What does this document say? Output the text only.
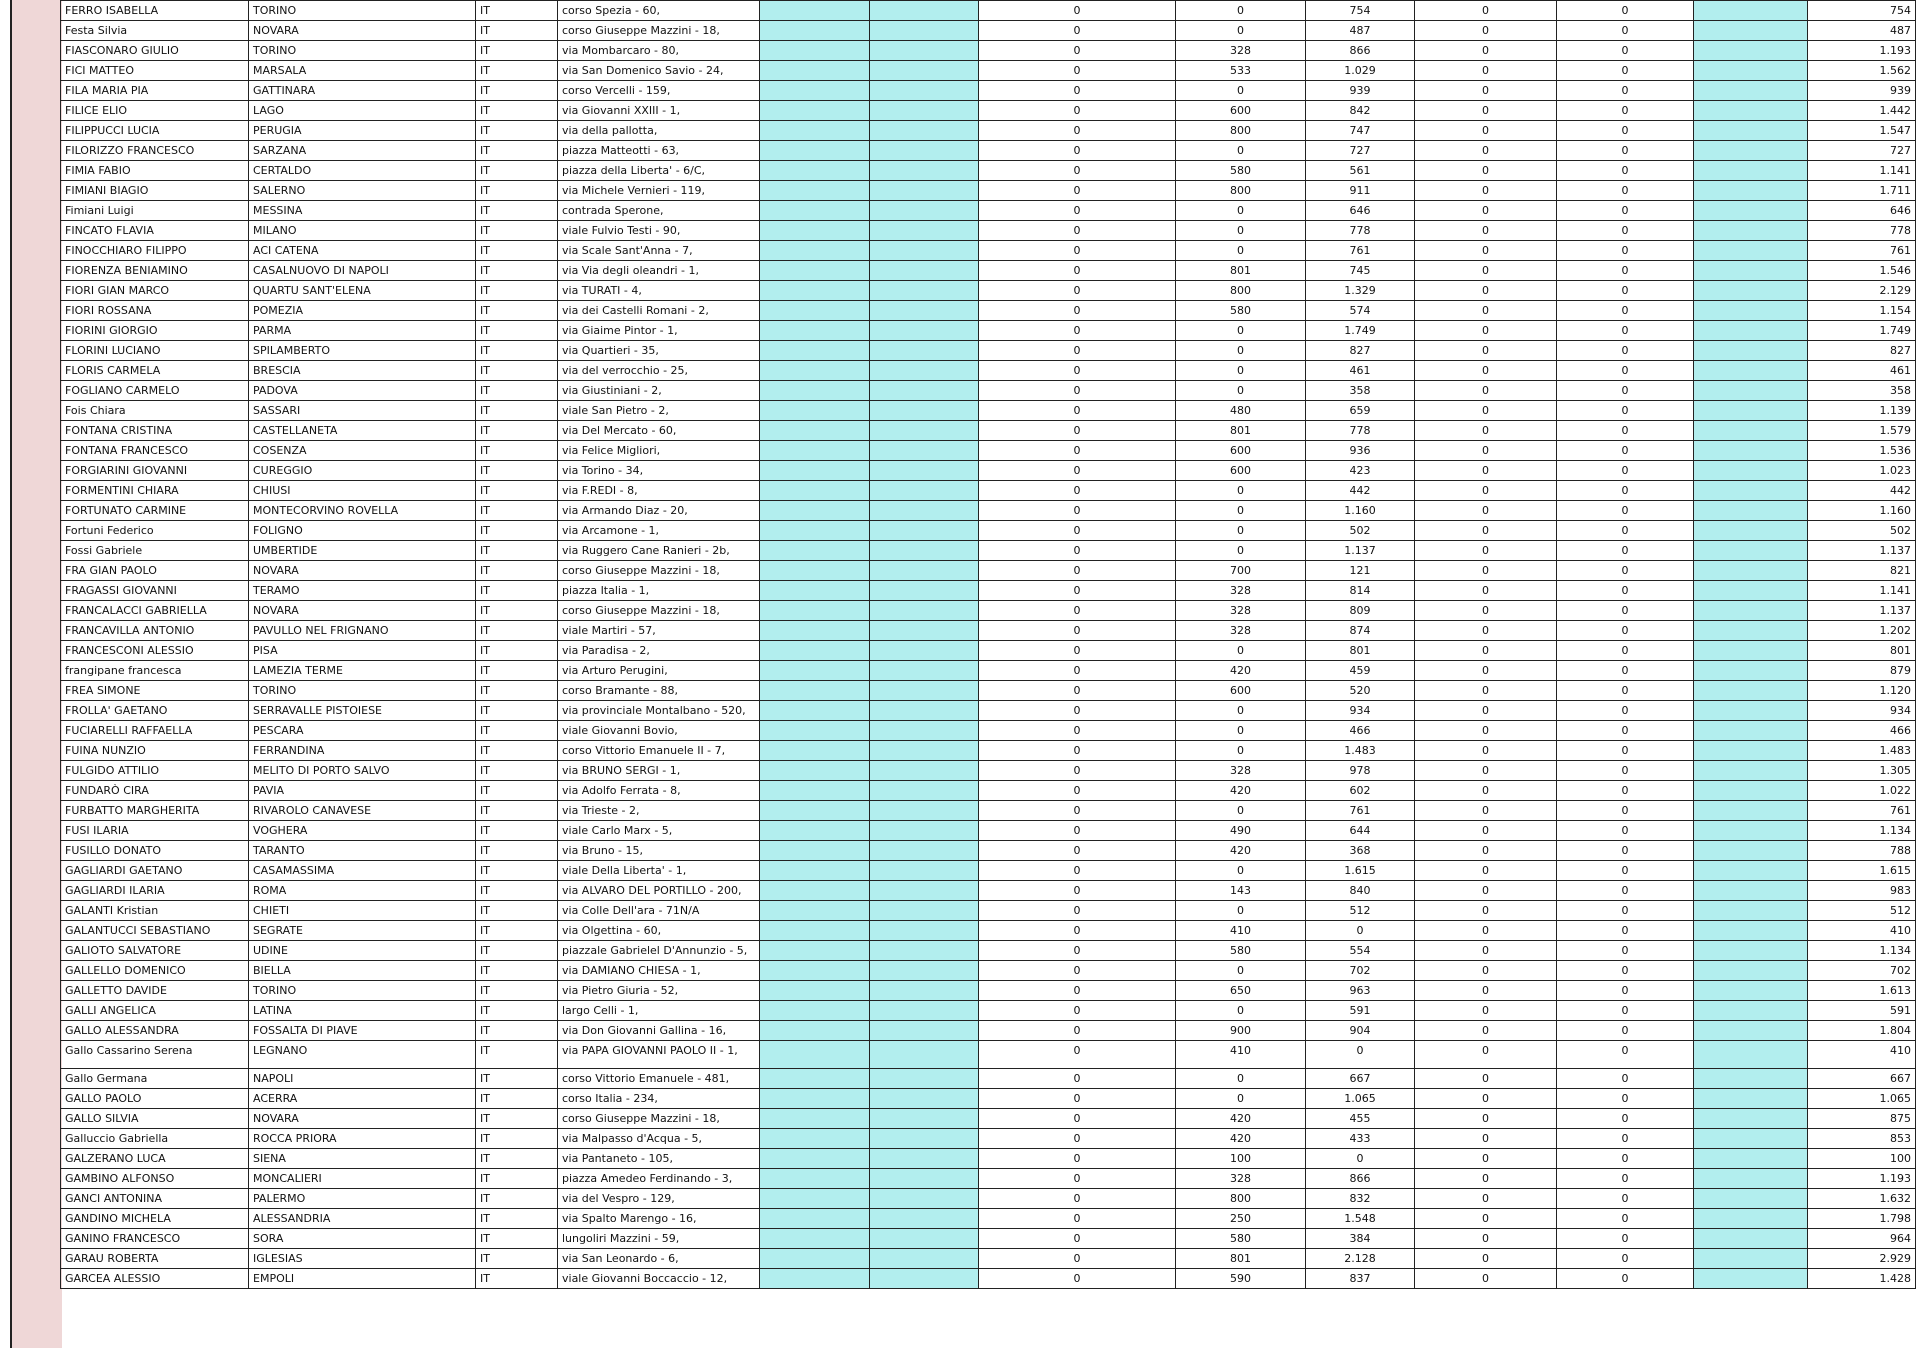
FERRO ISABELLA	TORINO	IT	corso Spezia - 60,			0	0	754	0	0		754
Festa Silvia	NOVARA	IT	corso Giuseppe Mazzini - 18,			0	0	487	0	0		487
FIASCONARO GIULIO	TORINO	IT	via Mombarcaro - 80,			0	328	866	0	0		1.193
FICI MATTEO	MARSALA	IT	via San Domenico Savio - 24,			0	533	1.029	0	0		1.562
FILA MARIA PIA	GATTINARA	IT	corso Vercelli - 159,			0	0	939	0	0		939
FILICE ELIO	LAGO	IT	via Giovanni XXIII - 1,			0	600	842	0	0		1.442
FILIPPUCCI LUCIA	PERUGIA	IT	via della pallotta,			0	800	747	0	0		1.547
FILORIZZO FRANCESCO	SARZANA	IT	piazza Matteotti - 63,			0	0	727	0	0		727
FIMIA FABIO	CERTALDO	IT	piazza della Liberta' - 6/C,			0	580	561	0	0		1.141
FIMIANI BIAGIO	SALERNO	IT	via Michele Vernieri - 119,			0	800	911	0	0		1.711
Fimiani Luigi	MESSINA	IT	contrada Sperone,			0	0	646	0	0		646
FINCATO FLAVIA	MILANO	IT	viale Fulvio Testi - 90,			0	0	778	0	0		778
FINOCCHIARO FILIPPO	ACI CATENA	IT	via Scale Sant'Anna - 7,			0	0	761	0	0		761
FIORENZA BENIAMINO	CASALNUOVO DI NAPOLI	IT	via Via degli oleandri - 1,			0	801	745	0	0		1.546
FIORI GIAN MARCO	QUARTU SANT'ELENA	IT	via TURATI - 4,			0	800	1.329	0	0		2.129
FIORI ROSSANA	POMEZIA	IT	via dei Castelli Romani - 2,			0	580	574	0	0		1.154
FIORINI GIORGIO	PARMA	IT	via Giaime Pintor - 1,			0	0	1.749	0	0		1.749
FLORINI LUCIANO	SPILAMBERTO	IT	via Quartieri - 35,			0	0	827	0	0		827
FLORIS CARMELA	BRESCIA	IT	via del verrocchio - 25,			0	0	461	0	0		461
FOGLIANO CARMELO	PADOVA	IT	via Giustiniani - 2,			0	0	358	0	0		358
Fois Chiara	SASSARI	IT	viale San Pietro - 2,			0	480	659	0	0		1.139
FONTANA CRISTINA	CASTELLANETA	IT	via Del Mercato - 60,			0	801	778	0	0		1.579
FONTANA FRANCESCO	COSENZA	IT	via Felice Migliori,			0	600	936	0	0		1.536
FORGIARINI GIOVANNI	CUREGGIO	IT	via Torino - 34,			0	600	423	0	0		1.023
FORMENTINI CHIARA	CHIUSI	IT	via F.REDI - 8,			0	0	442	0	0		442
FORTUNATO CARMINE	MONTECORVINO ROVELLA	IT	via Armando Diaz - 20,			0	0	1.160	0	0		1.160
Fortuni Federico	FOLIGNO	IT	via Arcamone - 1,			0	0	502	0	0		502
Fossi Gabriele	UMBERTIDE	IT	via Ruggero Cane Ranieri - 2b,			0	0	1.137	0	0		1.137
FRA GIAN PAOLO	NOVARA	IT	corso Giuseppe Mazzini - 18,			0	700	121	0	0		821
FRAGASSI GIOVANNI	TERAMO	IT	piazza Italia - 1,			0	328	814	0	0		1.141
FRANCALACCI GABRIELLA	NOVARA	IT	corso Giuseppe Mazzini - 18,			0	328	809	0	0		1.137
FRANCAVILLA ANTONIO	PAVULLO NEL FRIGNANO	IT	viale Martiri - 57,			0	328	874	0	0		1.202
FRANCESCONI ALESSIO	PISA	IT	via Paradisa - 2,			0	0	801	0	0		801
frangipane francesca	LAMEZIA TERME	IT	via Arturo Perugini,			0	420	459	0	0		879
FREA SIMONE	TORINO	IT	corso Bramante - 88,			0	600	520	0	0		1.120
FROLLA' GAETANO	SERRAVALLE PISTOIESE	IT	via provinciale Montalbano - 520,			0	0	934	0	0		934
FUCIARELLI RAFFAELLA	PESCARA	IT	viale Giovanni Bovio,			0	0	466	0	0		466
FUINA NUNZIO	FERRANDINA	IT	corso Vittorio Emanuele II - 7,			0	0	1.483	0	0		1.483
FULGIDO ATTILIO	MELITO DI PORTO SALVO	IT	via BRUNO SERGI - 1,			0	328	978	0	0		1.305
FUNDARÒ CIRA	PAVIA	IT	via Adolfo Ferrata - 8,			0	420	602	0	0		1.022
FURBATTO MARGHERITA	RIVAROLO CANAVESE	IT	via Trieste - 2,			0	0	761	0	0		761
FUSI ILARIA	VOGHERA	IT	viale Carlo Marx - 5,			0	490	644	0	0		1.134
FUSILLO DONATO	TARANTO	IT	via Bruno - 15,			0	420	368	0	0		788
GAGLIARDI GAETANO	CASAMASSIMA	IT	viale Della Liberta' - 1,			0	0	1.615	0	0		1.615
GAGLIARDI ILARIA	ROMA	IT	via ALVARO DEL PORTILLO - 200,			0	143	840	0	0		983
GALANTI Kristian	CHIETI	IT	via Colle Dell'ara - 71N/A			0	0	512	0	0		512
GALANTUCCI SEBASTIANO	SEGRATE	IT	via Olgettina - 60,			0	410	0	0	0		410
GALIOTO SALVATORE	UDINE	IT	piazzale Gabrielel D'Annunzio - 5,			0	580	554	0	0		1.134
GALLELLO DOMENICO	BIELLA	IT	via DAMIANO CHIESA - 1,			0	0	702	0	0		702
GALLETTO DAVIDE	TORINO	IT	via Pietro Giuria - 52,			0	650	963	0	0		1.613
GALLI ANGELICA	LATINA	IT	largo Celli - 1,			0	0	591	0	0		591
GALLO ALESSANDRA	FOSSALTA DI PIAVE	IT	via Don Giovanni Gallina - 16,			0	900	904	0	0		1.804
Gallo Cassarino Serena	LEGNANO	IT	via PAPA GIOVANNI PAOLO II - 1,			0	410	0	0	0		410
Gallo Germana	NAPOLI	IT	corso Vittorio Emanuele - 481,			0	0	667	0	0		667
GALLO PAOLO	ACERRA	IT	corso Italia - 234,			0	0	1.065	0	0		1.065
GALLO SILVIA	NOVARA	IT	corso Giuseppe Mazzini - 18,			0	420	455	0	0		875
Galluccio Gabriella	ROCCA PRIORA	IT	via Malpasso d'Acqua - 5,			0	420	433	0	0		853
GALZERANO LUCA	SIENA	IT	via Pantaneto - 105,			0	100	0	0	0		100
GAMBINO ALFONSO	MONCALIERI	IT	piazza Amedeo Ferdinando - 3,			0	328	866	0	0		1.193
GANCI ANTONINA	PALERMO	IT	via del Vespro - 129,			0	800	832	0	0		1.632
GANDINO MICHELA	ALESSANDRIA	IT	via Spalto Marengo - 16,			0	250	1.548	0	0		1.798
GANINO FRANCESCO	SORA	IT	lungoliri Mazzini - 59,			0	580	384	0	0		964
GARAU ROBERTA	IGLESIAS	IT	via San Leonardo - 6,			0	801	2.128	0	0		2.929
GARCEA ALESSIO	EMPOLI	IT	viale Giovanni Boccaccio - 12,			0	590	837	0	0		1.428
